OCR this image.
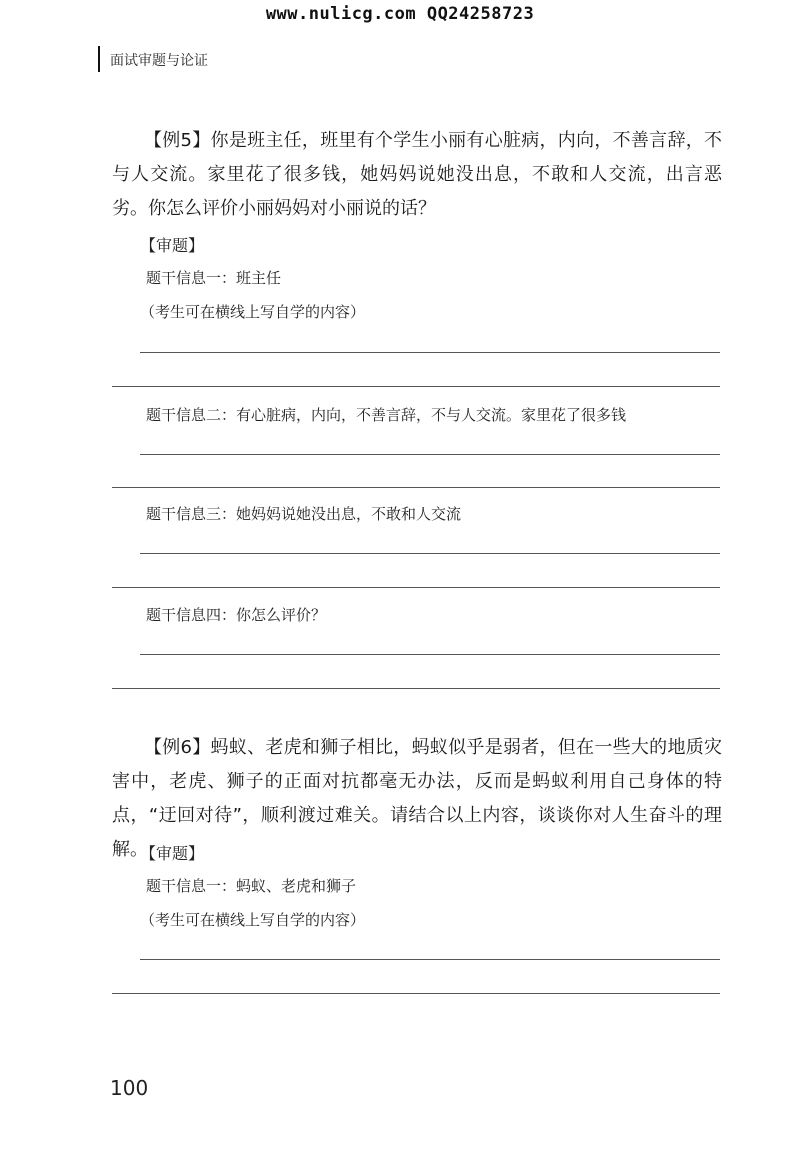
www.nulicg.com QQ24258723
面试审题与论证

【例5】你是班主任，班里有个学生小丽有心脏病，内向，不善言辞，不与人交流。家里花了很多钱，她妈妈说她没出息，不敢和人交流，出言恶劣。你怎么评价小丽妈妈对小丽说的话？

【审题】
题干信息一：班主任
（考生可在横线上写自学的内容）
题干信息二：有心脏病，内向，不善言辞，不与人交流。家里花了很多钱
题干信息三：她妈妈说她没出息，不敢和人交流
题干信息四：你怎么评价？

【例6】蚂蚁、老虎和狮子相比，蚂蚁似乎是弱者，但在一些大的地质灾害中，老虎、狮子的正面对抗都毫无办法，反而是蚂蚁利用自己身体的特点，“迂回对待”，顺利渡过难关。请结合以上内容，谈谈你对人生奋斗的理解。

【审题】
题干信息一：蚂蚁、老虎和狮子
（考生可在横线上写自学的内容）
100
